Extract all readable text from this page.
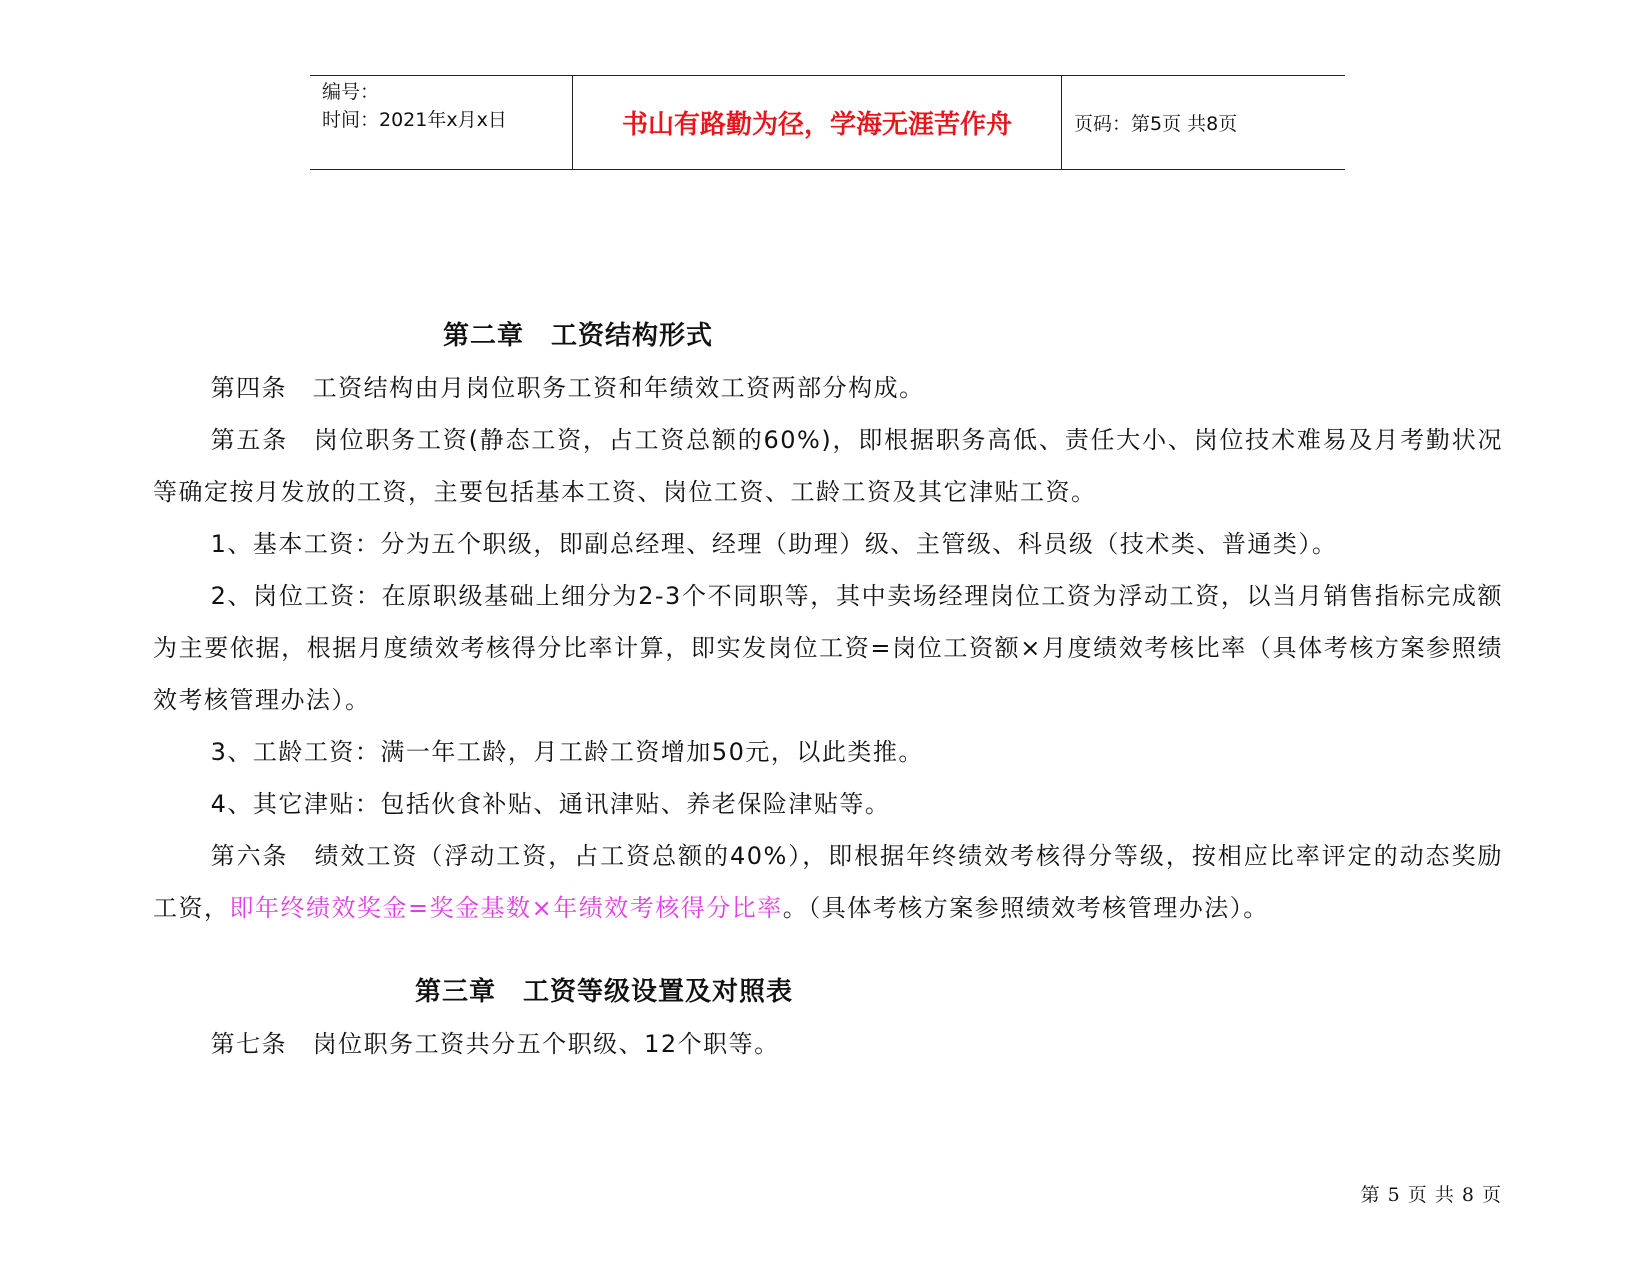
编号：
时间：2021年x月x日	书山有路勤为径，学海无涯苦作舟	页码：第5页 共8页
第二章　工资结构形式

第四条　工资结构由月岗位职务工资和年绩效工资两部分构成。

第五条　岗位职务工资(静态工资，占工资总额的60%)，即根据职务高低、责任大小、岗位技术难易及月考勤状况等确定按月发放的工资，主要包括基本工资、岗位工资、工龄工资及其它津贴工资。

1、基本工资：分为五个职级，即副总经理、经理（助理）级、主管级、科员级（技术类、普通类）。

2、岗位工资：在原职级基础上细分为2-3个不同职等，其中卖场经理岗位工资为浮动工资，以当月销售指标完成额为主要依据，根据月度绩效考核得分比率计算，即实发岗位工资=岗位工资额×月度绩效考核比率（具体考核方案参照绩效考核管理办法）。

3、工龄工资：满一年工龄，月工龄工资增加50元，以此类推。

4、其它津贴：包括伙食补贴、通讯津贴、养老保险津贴等。

第六条　绩效工资（浮动工资，占工资总额的40%），即根据年终绩效考核得分等级，按相应比率评定的动态奖励工资，即年终绩效奖金=奖金基数×年绩效考核得分比率。（具体考核方案参照绩效考核管理办法）。

第三章　工资等级设置及对照表

第七条　岗位职务工资共分五个职级、12个职等。

第 5 页 共 8 页
